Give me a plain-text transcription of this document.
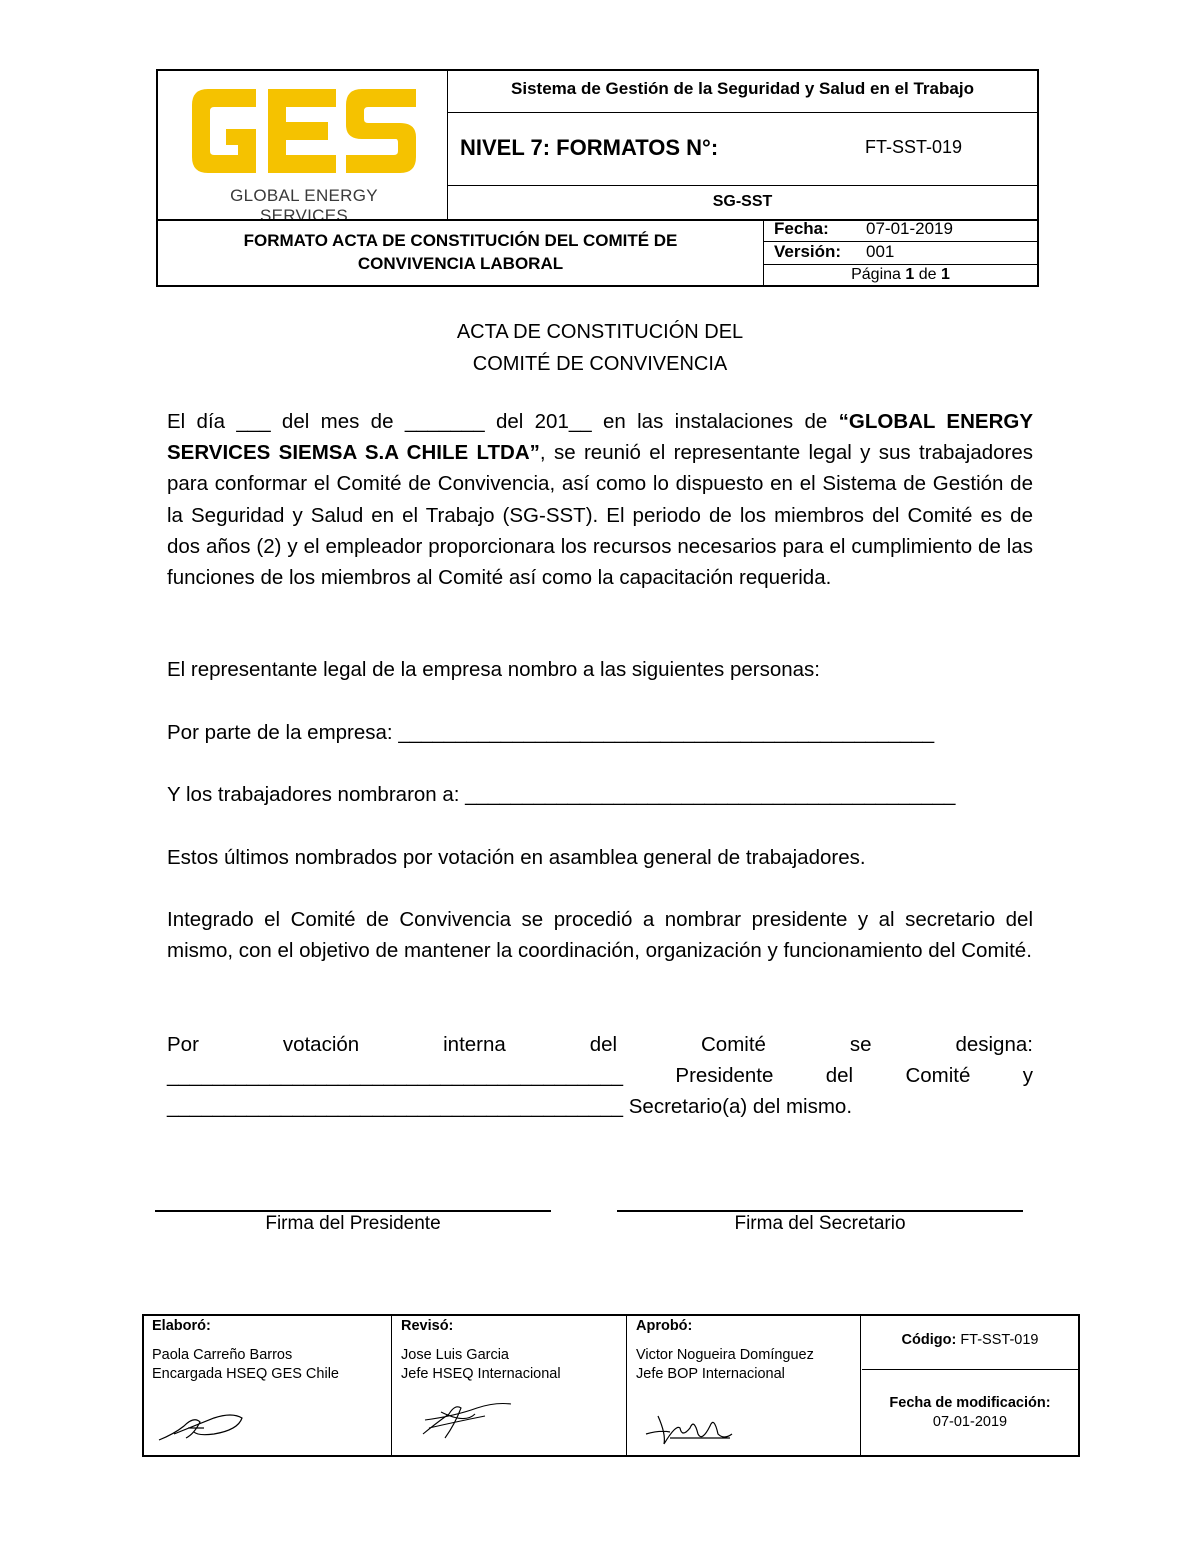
GLOBAL ENERGY SERVICES
Sistema de Gestión de la Seguridad y Salud en el Trabajo
NIVEL 7: FORMATOS N°:	FT-SST-019
SG-SST
FORMATO ACTA DE CONSTITUCIÓN DEL COMITÉ DE
CONVIVENCIA LABORAL
Fecha: 07-01-2019
Versión: 001
Página 1 de 1
ACTA DE CONSTITUCIÓN DEL
COMITÉ DE CONVIVENCIA
El día ___ del mes de _______ del 201__ en las instalaciones de “GLOBAL ENERGY SERVICES SIEMSA S.A CHILE LTDA”, se reunió el representante legal y sus trabajadores para conformar el Comité de Convivencia, así como lo dispuesto en el Sistema de Gestión de la Seguridad y Salud en el Trabajo (SG-SST). El periodo de los miembros del Comité es de dos años (2) y el empleador proporcionara los recursos necesarios para el cumplimiento de las funciones de los miembros al Comité así como la capacitación requerida.
El representante legal de la empresa nombro a las siguientes personas:
Por parte de la empresa: _______________________________________________
Y los trabajadores nombraron a: ___________________________________________
Estos últimos nombrados por votación en asamblea general de trabajadores.
Integrado el Comité de Convivencia se procedió a nombrar presidente y al secretario del mismo, con el objetivo de mantener la coordinación, organización y funcionamiento del Comité.
Por	votación	interna	del	Comité	se	designa:
________________________________________	Presidente	del	Comité	y
________________________________________ Secretario(a) del mismo.
Firma del Presidente	Firma del Secretario
Elaboró:
Paola Carreño Barros
Encargada HSEQ GES Chile
Revisó:
Jose Luis Garcia
Jefe HSEQ Internacional
Aprobó:
Victor Nogueira Domínguez
Jefe BOP Internacional
Código: FT-SST-019
Fecha de modificación:
07-01-2019
